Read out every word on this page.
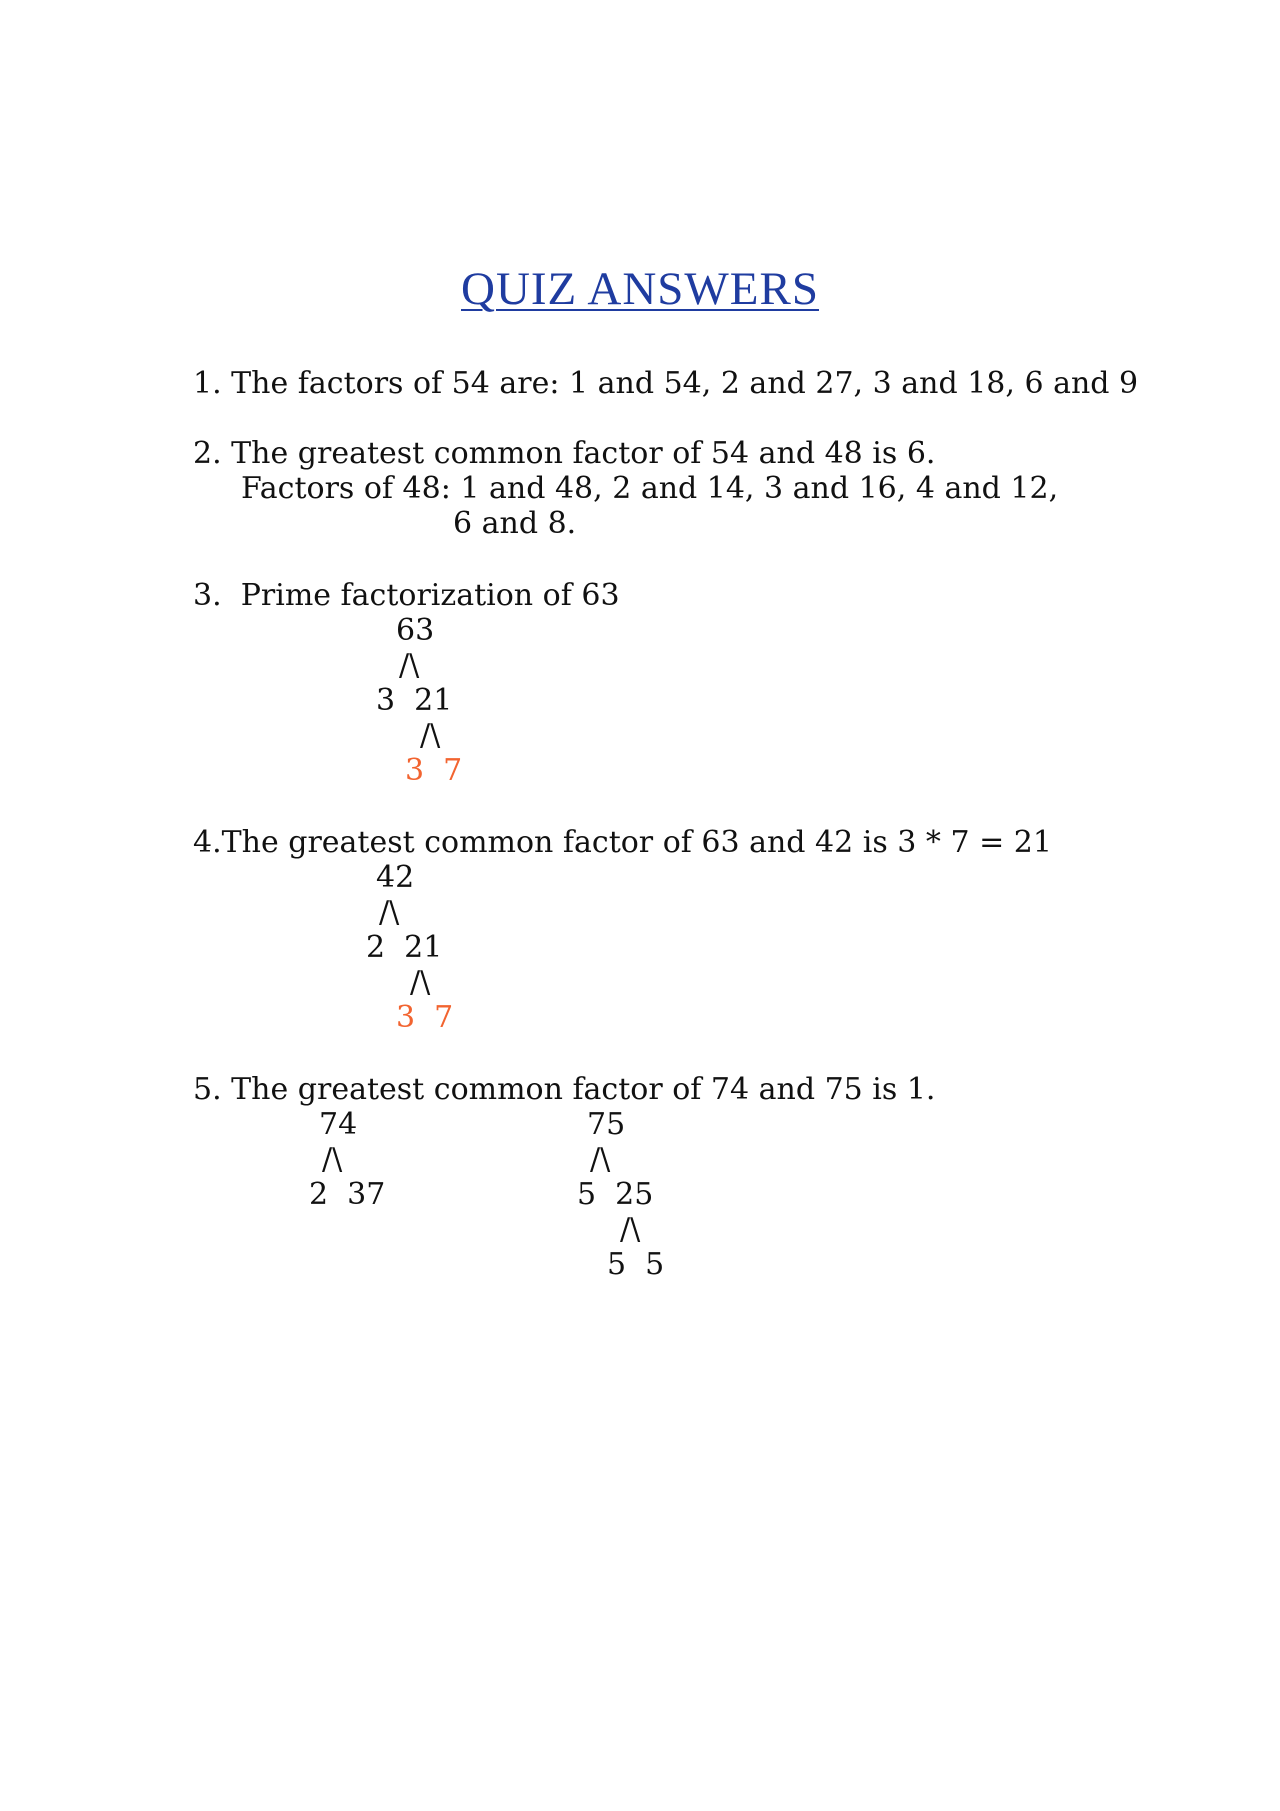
QUIZ ANSWERS
1. The factors of 54 are: 1 and 54, 2 and 27, 3 and 18, 6 and 9
2. The greatest common factor of 54 and 48 is 6.
Factors of 48: 1 and 48, 2 and 14, 3 and 16, 4 and 12,
6 and 8.
3.  Prime factorization of 63
63
/\
3  21
/\
3  7
4.The greatest common factor of 63 and 42 is 3 * 7 = 21
42
/\
2  21
/\
3  7
5. The greatest common factor of 74 and 75 is 1.
74
/\
2  37
75
/\
5  25
/\
5  5
